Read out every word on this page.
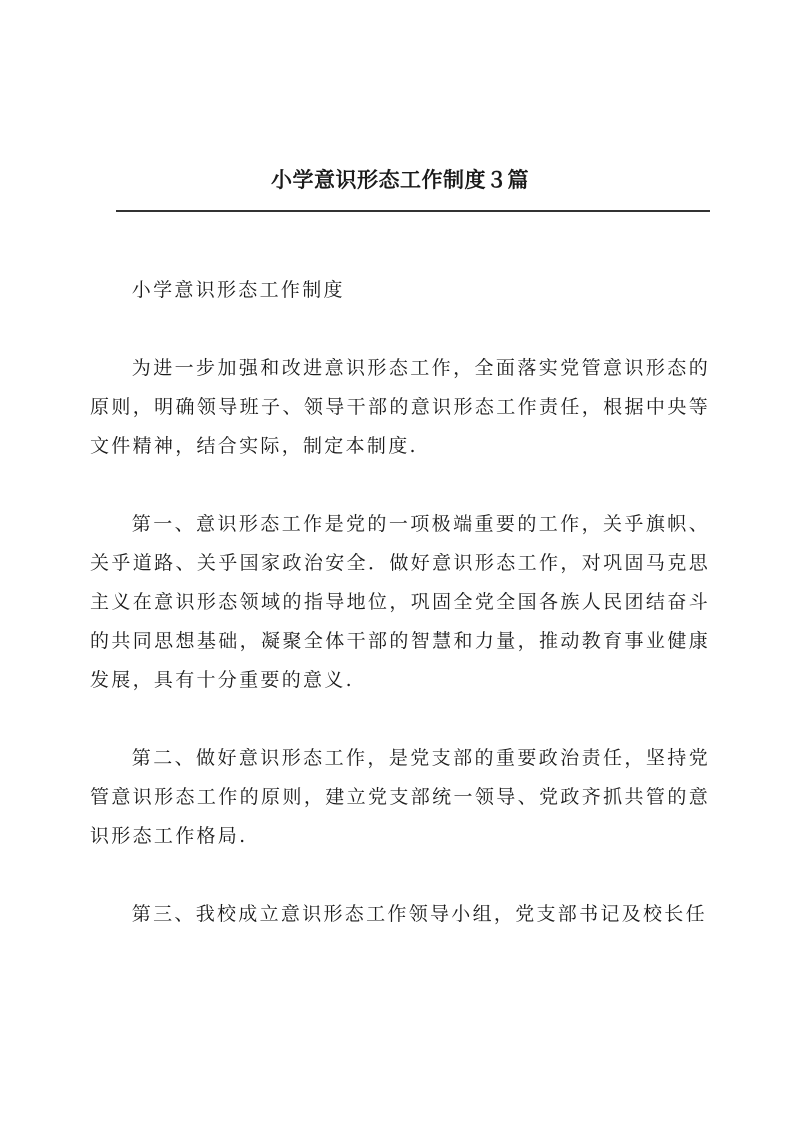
小学意识形态工作制度３篇

小学意识形态工作制度

为进一步加强和改进意识形态工作，全面落实党管意识形态的原则，明确领导班子、领导干部的意识形态工作责任，根据中央等文件精神，结合实际，制定本制度.

第一、意识形态工作是党的一项极端重要的工作，关乎旗帜、关乎道路、关乎国家政治安全．做好意识形态工作，对巩固马克思主义在意识形态领域的指导地位，巩固全党全国各族人民团结奋斗的共同思想基础，凝聚全体干部的智慧和力量，推动教育事业健康发展，具有十分重要的意义.

第二、做好意识形态工作，是党支部的重要政治责任，坚持党管意识形态工作的原则，建立党支部统一领导、党政齐抓共管的意识形态工作格局.

第三、我校成立意识形态工作领导小组，党支部书记及校长任
